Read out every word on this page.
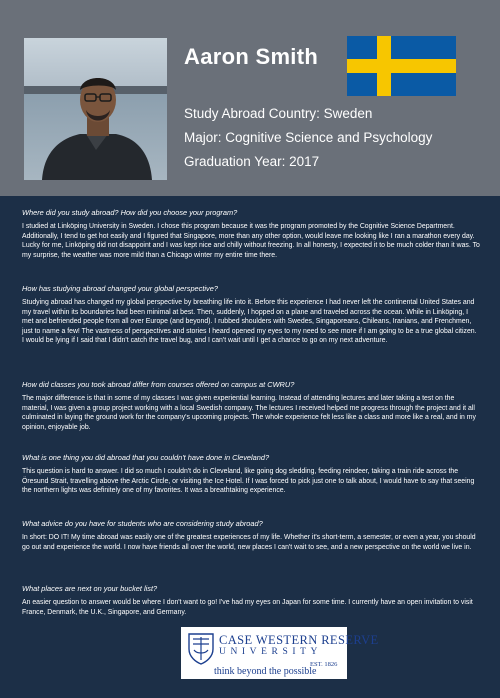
Aaron Smith
Study Abroad Country: Sweden
Major: Cognitive Science and Psychology
Graduation Year: 2017
Where did you study abroad? How did you choose your program?

I studied at Linköping University in Sweden. I chose this program because it was the program promoted by the Cognitive Science Department. Additionally, I tend to get hot easily and I figured that Singapore, more than any other option, would leave me looking like I ran a marathon every day. Lucky for me, Linköping did not disappoint and I was kept nice and chilly without freezing. In all honesty, I expected it to be much colder than it was. To my surprise, the weather was more mild than a Chicago winter my entire time there.

How has studying abroad changed your global perspective?

Studying abroad has changed my global perspective by breathing life into it. Before this experience I had never left the continental United States and my travel within its boundaries had been minimal at best. Then, suddenly, I hopped on a plane and traveled across the ocean. While in Linköping, I met and befriended people from all over Europe (and beyond). I rubbed shoulders with Swedes, Singaporeans, Chileans, Iranians, and Frenchmen, just to name a few! The vastness of perspectives and stories I heard opened my eyes to my need to see more if I am going to be a true global citizen. I would be lying if I said that I didn't catch the travel bug, and I can't wait until I get a chance to go on my next adventure.

How did classes you took abroad differ from courses offered on campus at CWRU?

The major difference is that in some of my classes I was given experiential learning. Instead of attending lectures and later taking a test on the material, I was given a group project working with a local Swedish company. The lectures I received helped me progress through the project and it all culminated in laying the ground work for the company's upcoming projects. The whole experience felt less like a class and more like a real, and in my opinion, enjoyable job.

What is one thing you did abroad that you couldn't have done in Cleveland?

This question is hard to answer. I did so much I couldn't do in Cleveland, like going dog sledding, feeding reindeer, taking a train ride across the Öresund Strait, travelling above the Arctic Circle, or visiting the Ice Hotel. If I was forced to pick just one to talk about, I would have to say that seeing the northern lights was definitely one of my favorites. It was a breathtaking experience.

What advice do you have for students who are considering study abroad?

In short: DO IT! My time abroad was easily one of the greatest experiences of my life. Whether it's short-term, a semester, or even a year, you should go out and experience the world. I now have friends all over the world, new places I can't wait to see, and a new perspective on the world we live in.

What places are next on your bucket list?

An easier question to answer would be where I don't want to go! I've had my eyes on Japan for some time. I currently have an open invitation to visit France, Denmark, the U.K., Singapore, and Germany.

CASE WESTERN RESERVE
UNIVERSITY
EST. 1826
think beyond the possible
